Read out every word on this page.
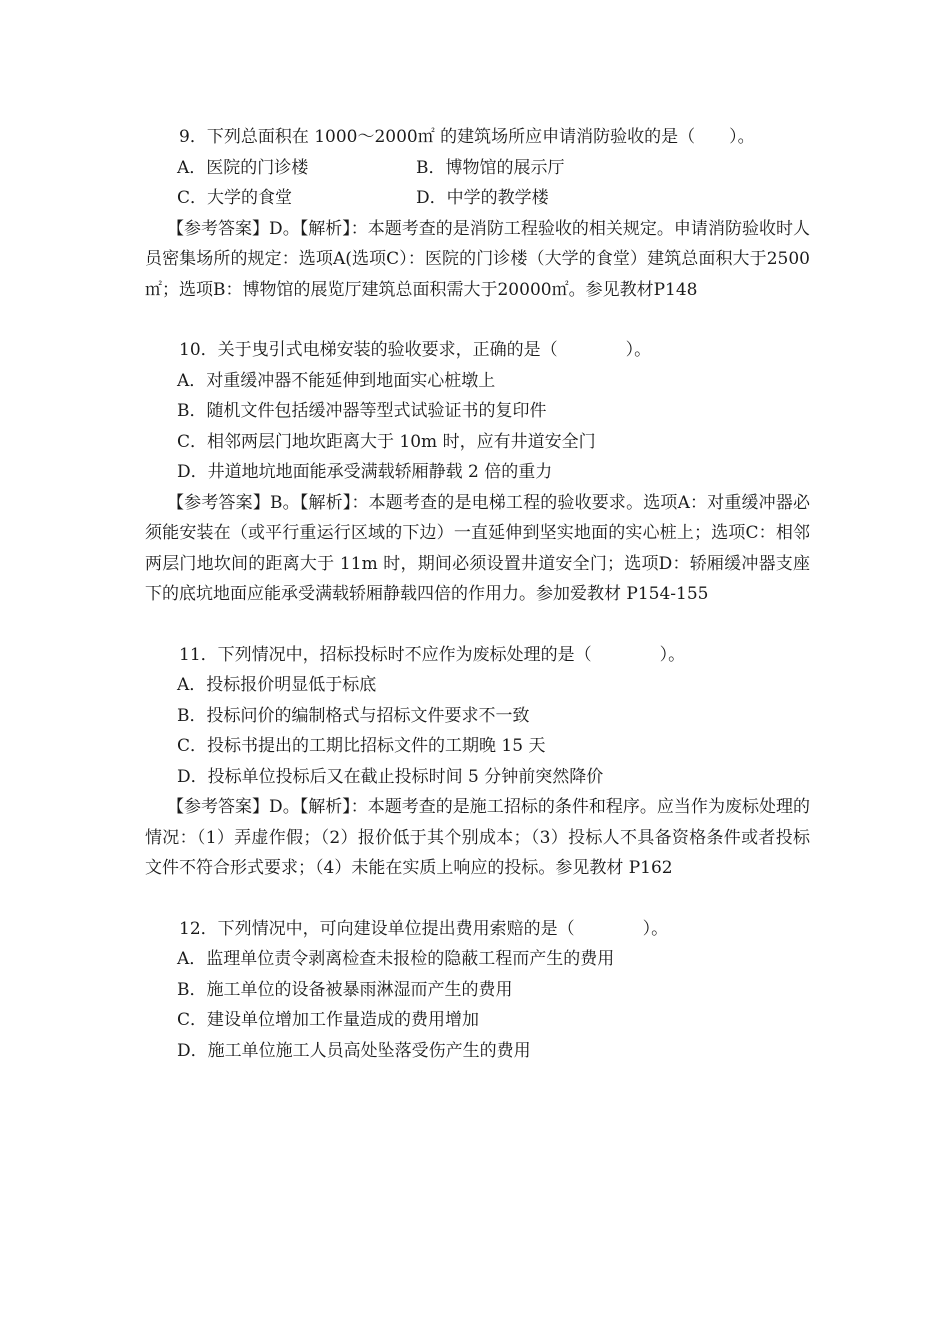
9．下列总面积在 1000～2000㎡ 的建筑场所应申请消防验收的是（　　）。

A．医院的门诊楼	B．博物馆的展示厅

C．大学的食堂	D．中学的教学楼

【参考答案】D。【解析】：本题考查的是消防工程验收的相关规定。申请消防验收时人员密集场所的规定：选项A(选项C）：医院的门诊楼（大学的食堂）建筑总面积大于2500㎡；选项B：博物馆的展览厅建筑总面积需大于20000㎡。参见教材P148

10．关于曳引式电梯安装的验收要求，正确的是（　　　　）。

A．对重缓冲器不能延伸到地面实心桩墩上

B．随机文件包括缓冲器等型式试验证书的复印件

C．相邻两层门地坎距离大于 10m 时，应有井道安全门

D．井道地坑地面能承受满载轿厢静载 2 倍的重力

【参考答案】B。【解析】：本题考查的是电梯工程的验收要求。选项A：对重缓冲器必须能安装在（或平行重运行区域的下边）一直延伸到坚实地面的实心桩上；选项C：相邻两层门地坎间的距离大于 11m 时，期间必须设置井道安全门；选项D：轿厢缓冲器支座下的底坑地面应能承受满载轿厢静载四倍的作用力。参加爱教材 P154-155

11．下列情况中，招标投标时不应作为废标处理的是（　　　　）。

A．投标报价明显低于标底

B．投标问价的编制格式与招标文件要求不一致

C．投标书提出的工期比招标文件的工期晚 15 天

D．投标单位投标后又在截止投标时间 5 分钟前突然降价

【参考答案】D。【解析】：本题考查的是施工招标的条件和程序。应当作为废标处理的情况：（1）弄虚作假；（2）报价低于其个别成本；（3）投标人不具备资格条件或者投标文件不符合形式要求；（4）未能在实质上响应的投标。参见教材 P162

12．下列情况中，可向建设单位提出费用索赔的是（　　　　）。

A．监理单位责令剥离检查未报检的隐蔽工程而产生的费用

B．施工单位的设备被暴雨淋湿而产生的费用

C．建设单位增加工作量造成的费用增加

D．施工单位施工人员高处坠落受伤产生的费用
